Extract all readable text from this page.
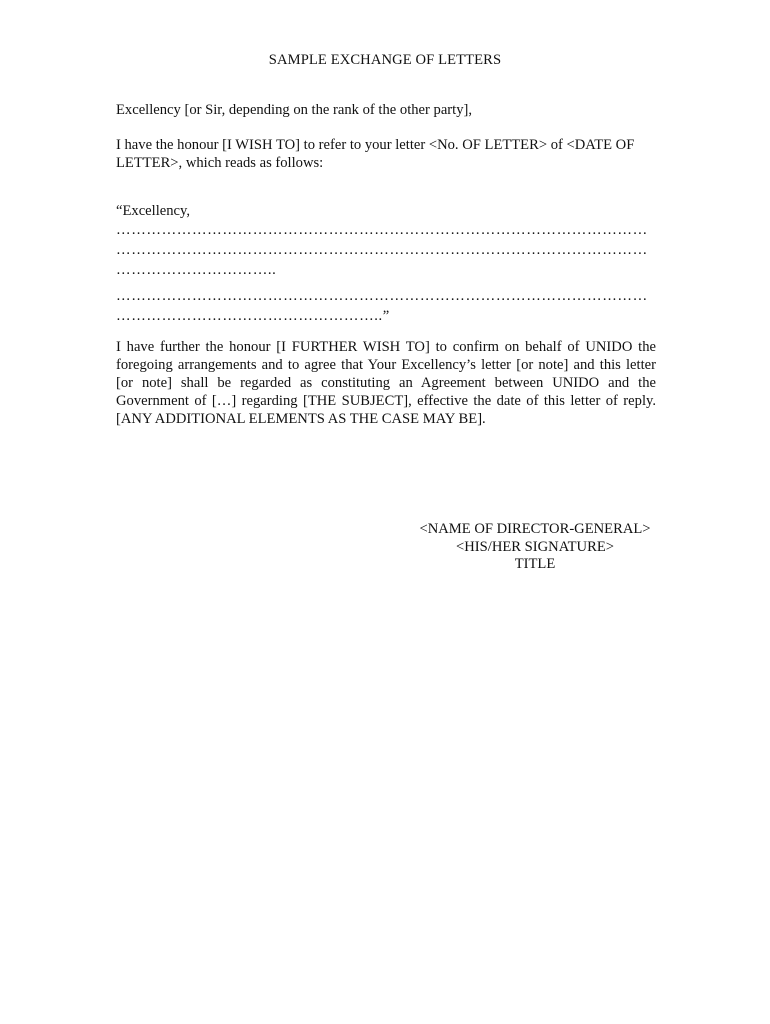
SAMPLE EXCHANGE OF LETTERS
Excellency [or Sir, depending on the rank of the other party],
I have the honour [I WISH TO] to refer to your letter <No. OF LETTER> of <DATE OF LETTER>, which reads as follows:
“Excellency,
……………………………………………………………………………………………
……………………………………………………………………………………………
…………………………..
……………………………………………………………………………………………
……………………………………………..”
I have further the honour [I FURTHER WISH TO] to confirm on behalf of UNIDO the foregoing arrangements and to agree that Your Excellency’s letter [or note] and this letter [or note] shall be regarded as constituting an Agreement between UNIDO and the Government of […] regarding [THE SUBJECT], effective the date of this letter of reply. [ANY ADDITIONAL ELEMENTS AS THE CASE MAY BE].
<NAME OF DIRECTOR-GENERAL>
<HIS/HER SIGNATURE>
TITLE
